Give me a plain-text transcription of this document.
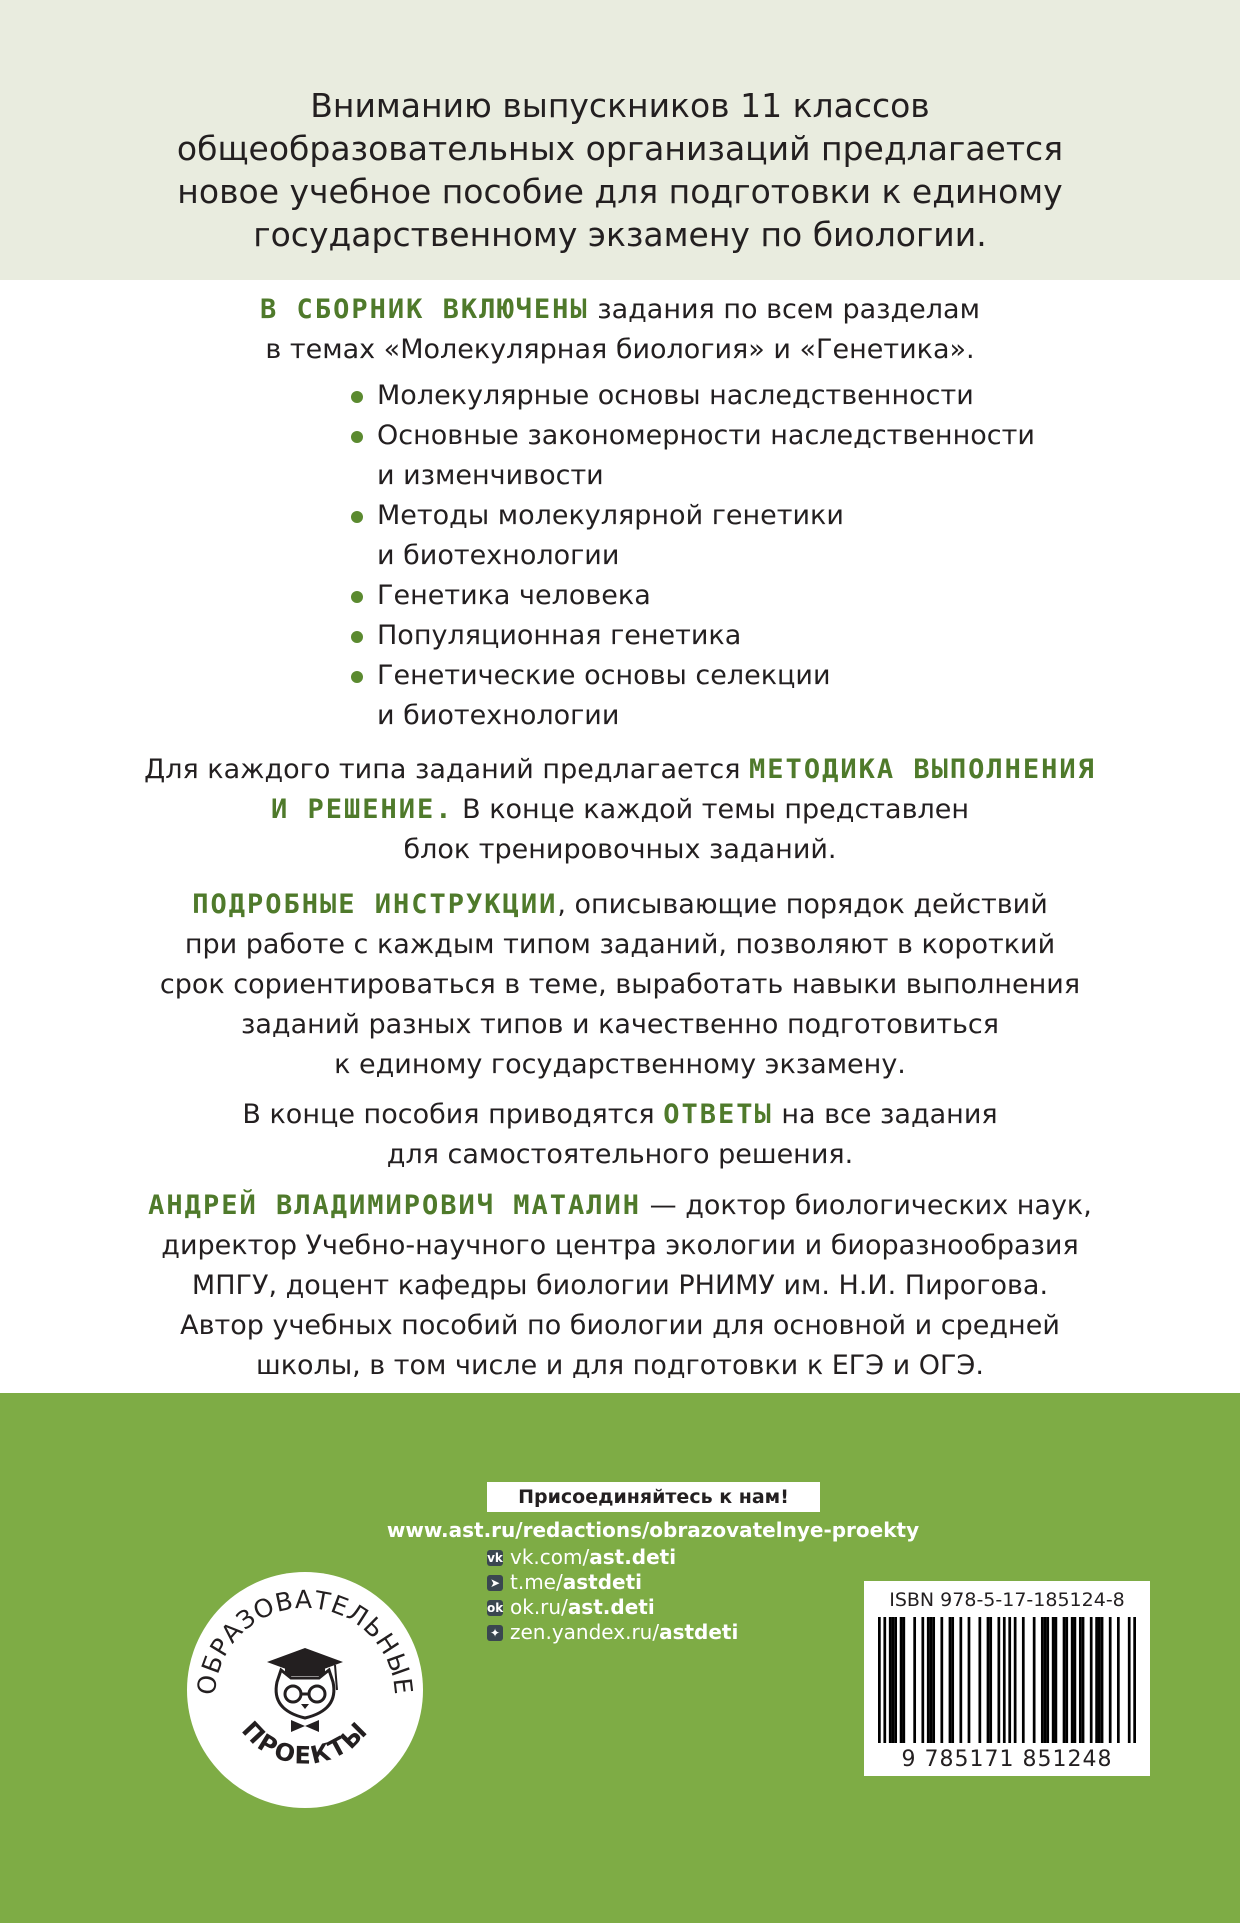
Вниманию выпускников 11 классов
общеобразовательных организаций предлагается
новое учебное пособие для подготовки к единому
государственному экзамену по биологии.
В СБОРНИК ВКЛЮЧЕНЫ задания по всем разделам
в темах «Молекулярная биология» и «Генетика».
Молекулярные основы наследственности
Основные закономерности наследственности
и изменчивости
Методы молекулярной генетики
и биотехнологии
Генетика человека
Популяционная генетика
Генетические основы селекции
и биотехнологии
Для каждого типа заданий предлагается МЕТОДИКА ВЫПОЛНЕНИЯ
И РЕШЕНИЕ. В конце каждой темы представлен
блок тренировочных заданий.
ПОДРОБНЫЕ ИНСТРУКЦИИ, описывающие порядок действий
при работе с каждым типом заданий, позволяют в короткий
срок сориентироваться в теме, выработать навыки выполнения
заданий разных типов и качественно подготовиться
к единому государственному экзамену.
В конце пособия приводятся ОТВЕТЫ на все задания
для самостоятельного решения.
АНДРЕЙ ВЛАДИМИРОВИЧ МАТАЛИН — доктор биологических наук,
директор Учебно-научного центра экологии и биоразнообразия
МПГУ, доцент кафедры биологии РНИМУ им. Н.И. Пирогова.
Автор учебных пособий по биологии для основной и средней
школы, в том числе и для подготовки к ЕГЭ и ОГЭ.
Присоединяйтесь к нам!
www.ast.ru/redactions/obrazovatelnye-proekty
vk vk.com/ ast.deti
➤ t.me/ astdeti
ok ok.ru/ ast.deti
✦ zen.yandex.ru/ astdeti
ОБРАЗОВАТЕЛЬНЫЕ
ПРОЕКТЫ
ISBN 978-5-17-185124-8
9 785171 851248
